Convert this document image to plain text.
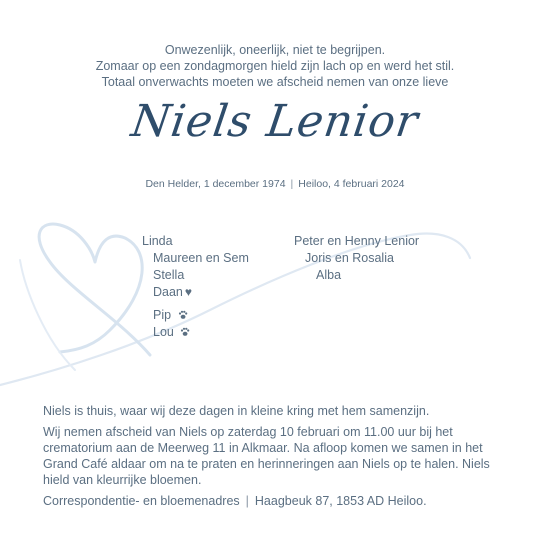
Onwezenlijk, oneerlijk, niet te begrijpen.
Zomaar op een zondagmorgen hield zijn lach op en werd het stil.
Totaal onverwachts moeten we afscheid nemen van onze lieve
Niels Lenior
Den Helder, 1 december 1974 | Heiloo, 4 februari 2024
Linda
Maureen en Sem
Stella
Daan ♥
Pip
Lou
Peter en Henny Lenior
Joris en Rosalia
Alba

Niels is thuis, waar wij deze dagen in kleine kring met hem samenzijn.

Wij nemen afscheid van Niels op zaterdag 10 februari om 11.00 uur bij het crematorium aan de Meerweg 11 in Alkmaar. Na afloop komen we samen in het Grand Café aldaar om na te praten en herinneringen aan Niels op te halen. Niels hield van kleurrijke bloemen.

Correspondentie- en bloemenadres | Haagbeuk 87, 1853 AD Heiloo.
